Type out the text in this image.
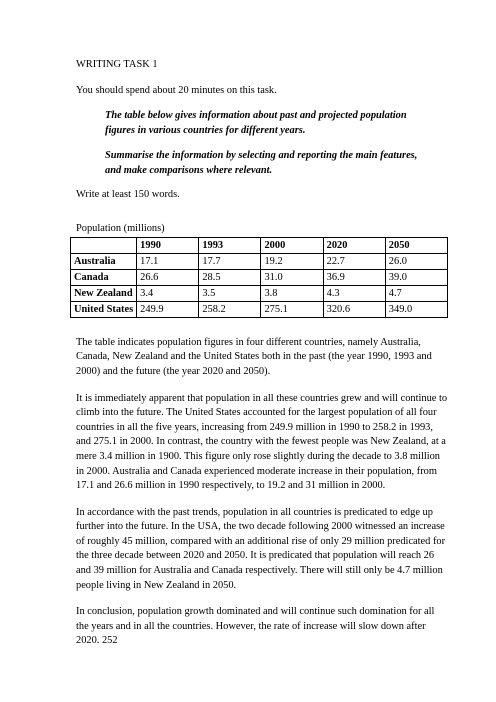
WRITING TASK 1

You should spend about 20 minutes on this task.

The table below gives information about past and projected population figures in various countries for different years.

Summarise the information by selecting and reporting the main features, and make comparisons where relevant.

Write at least 150 words.

Population (millions)

	1990	1993	2000	2020	2050
Australia	17.1	17.7	19.2	22.7	26.0
Canada	26.6	28.5	31.0	36.9	39.0
New Zealand	3.4	3.5	3.8	4.3	4.7
United States	249.9	258.2	275.1	320.6	349.0

The table indicates population figures in four different countries, namely Australia, Canada, New Zealand and the United States both in the past (the year 1990, 1993 and 2000) and the future (the year 2020 and 2050).

It is immediately apparent that population in all these countries grew and will continue to climb into the future. The United States accounted for the largest population of all four countries in all the five years, increasing from 249.9 million in 1990 to 258.2 in 1993, and 275.1 in 2000. In contrast, the country with the fewest people was New Zealand, at a mere 3.4 million in 1900. This figure only rose slightly during the decade to 3.8 million in 2000. Australia and Canada experienced moderate increase in their population, from 17.1 and 26.6 million in 1990 respectively, to 19.2 and 31 million in 2000.

In accordance with the past trends, population in all countries is predicated to edge up further into the future. In the USA, the two decade following 2000 witnessed an increase of roughly 45 million, compared with an additional rise of only 29 million predicated for the three decade between 2020 and 2050. It is predicated that population will reach 26 and 39 million for Australia and Canada respectively. There will still only be 4.7 million people living in New Zealand in 2050.

In conclusion, population growth dominated and will continue such domination for all the years and in all the countries. However, the rate of increase will slow down after 2020. 252
